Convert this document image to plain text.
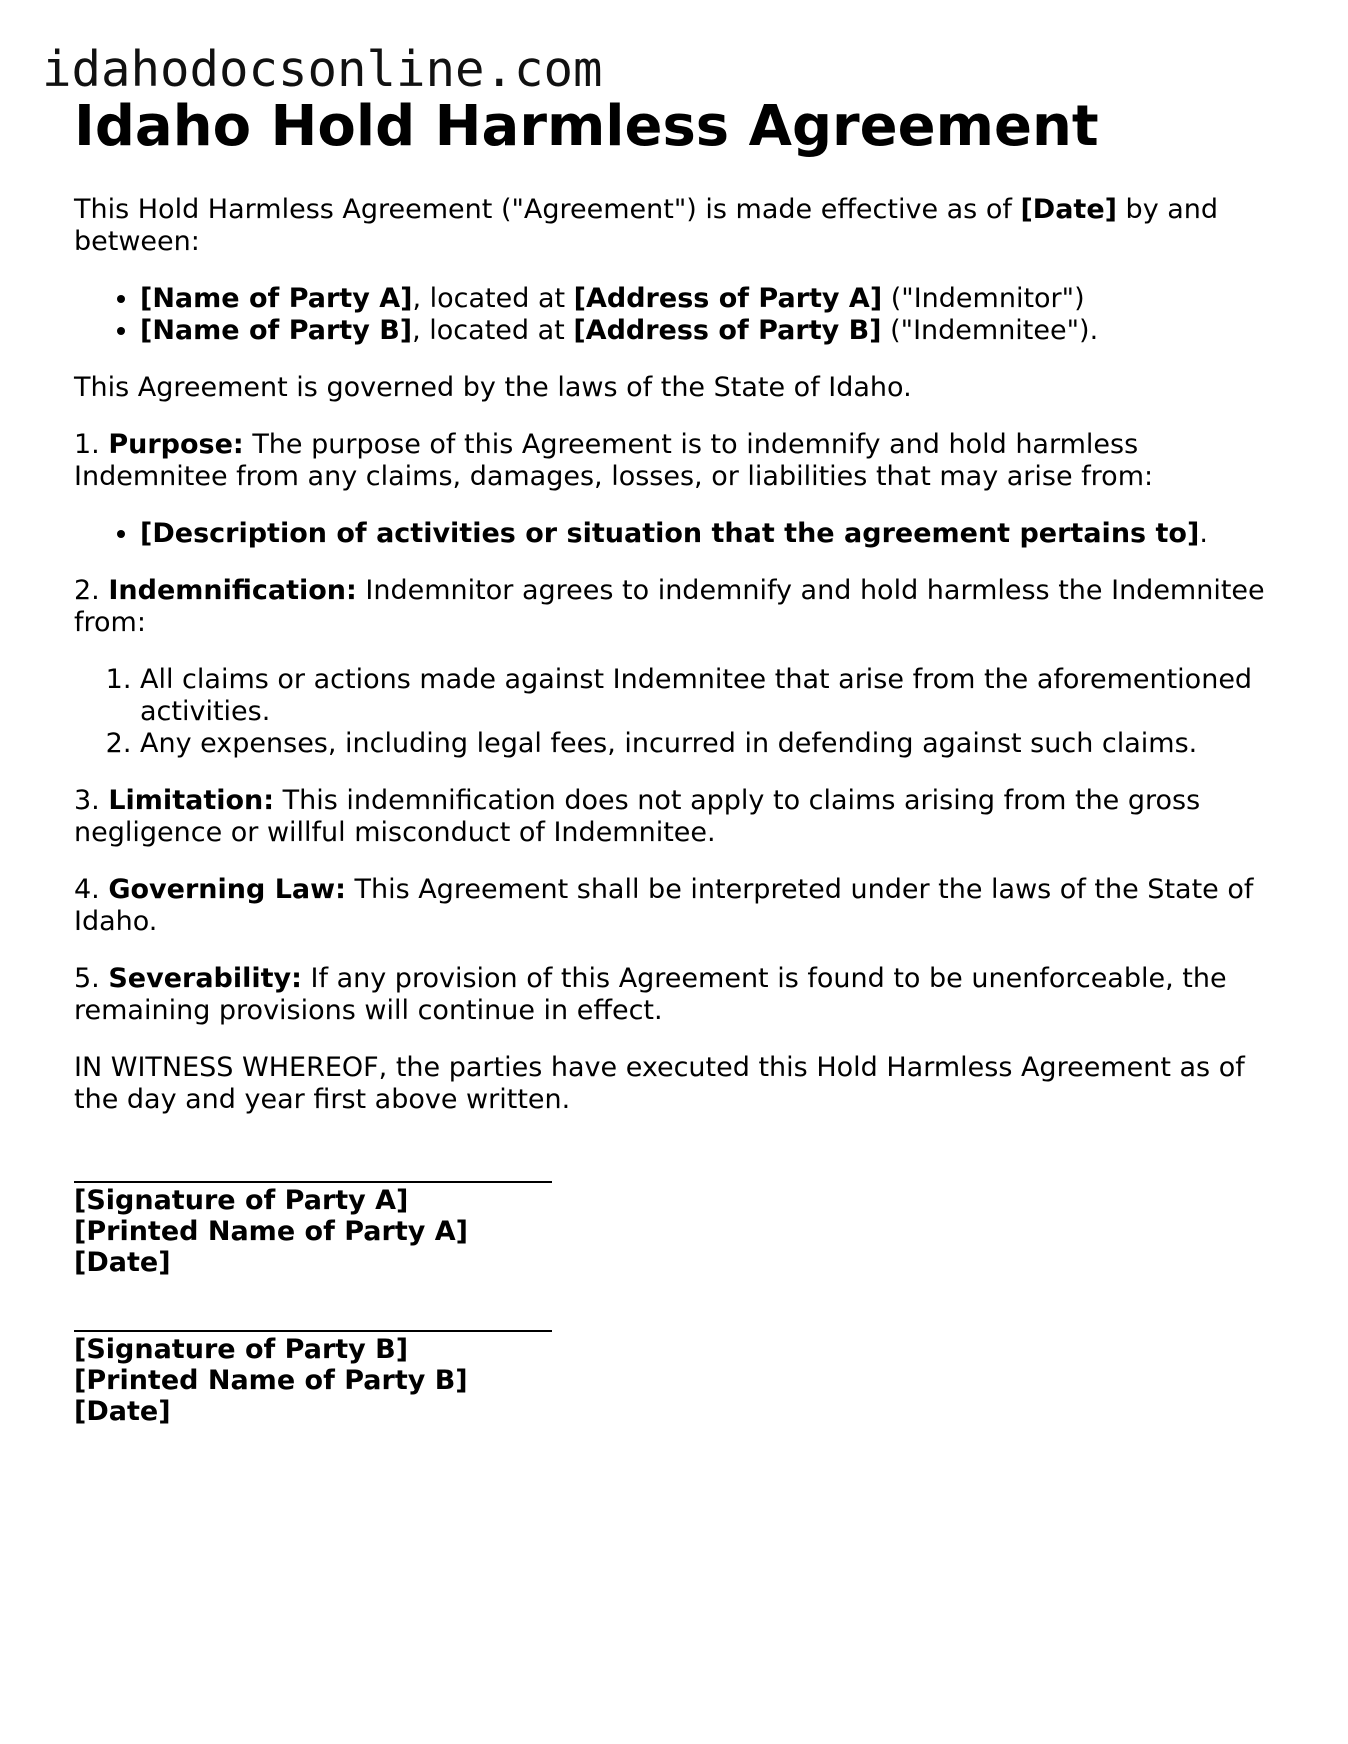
idahodocsonline.com
Idaho Hold Harmless Agreement

This Hold Harmless Agreement ("Agreement") is made effective as of [Date] by and between:

• [Name of Party A], located at [Address of Party A] ("Indemnitor")
• [Name of Party B], located at [Address of Party B] ("Indemnitee").

This Agreement is governed by the laws of the State of Idaho.

1. Purpose: The purpose of this Agreement is to indemnify and hold harmless Indemnitee from any claims, damages, losses, or liabilities that may arise from:

• [Description of activities or situation that the agreement pertains to].

2. Indemnification: Indemnitor agrees to indemnify and hold harmless the Indemnitee from:

1. All claims or actions made against Indemnitee that arise from the aforementioned activities.
2. Any expenses, including legal fees, incurred in defending against such claims.

3. Limitation: This indemnification does not apply to claims arising from the gross negligence or willful misconduct of Indemnitee.

4. Governing Law: This Agreement shall be interpreted under the laws of the State of Idaho.

5. Severability: If any provision of this Agreement is found to be unenforceable, the remaining provisions will continue in effect.

IN WITNESS WHEREOF, the parties have executed this Hold Harmless Agreement as of the day and year first above written.

[Signature of Party A]
[Printed Name of Party A]
[Date]
[Signature of Party B]
[Printed Name of Party B]
[Date]
